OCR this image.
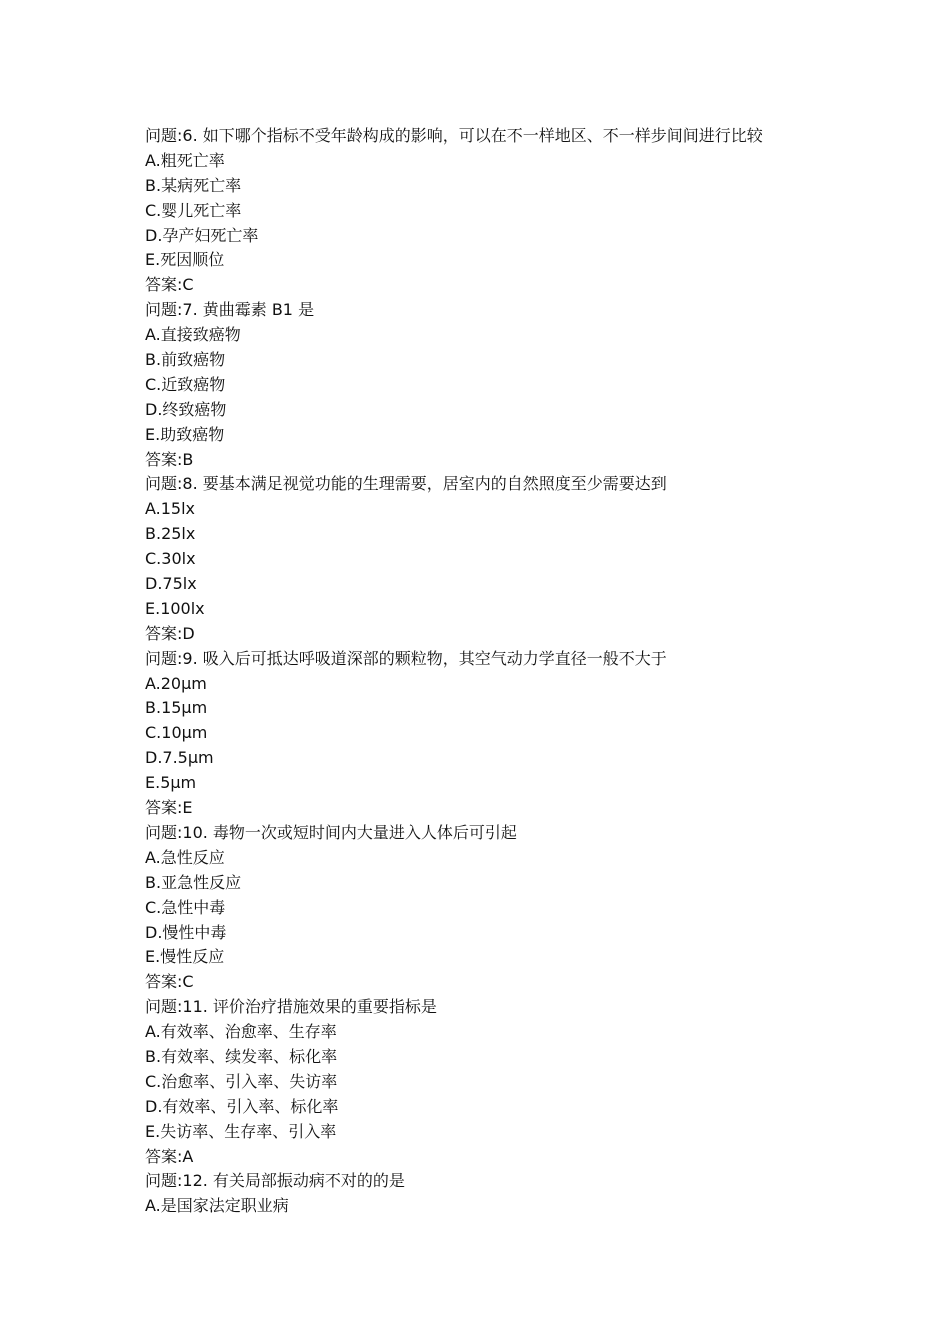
问题:6. 如下哪个指标不受年龄构成的影响，可以在不一样地区、不一样步间间进行比较
A.粗死亡率
B.某病死亡率
C.婴儿死亡率
D.孕产妇死亡率
E.死因顺位
答案:C
问题:7. 黄曲霉素 B1 是
A.直接致癌物
B.前致癌物
C.近致癌物
D.终致癌物
E.助致癌物
答案:B
问题:8. 要基本满足视觉功能的生理需要，居室内的自然照度至少需要达到
A.15lx
B.25lx
C.30lx
D.75lx
E.100lx
答案:D
问题:9. 吸入后可抵达呼吸道深部的颗粒物，其空气动力学直径一般不大于
A.20μm
B.15μm
C.10μm
D.7.5μm
E.5μm
答案:E
问题:10. 毒物一次或短时间内大量进入人体后可引起
A.急性反应
B.亚急性反应
C.急性中毒
D.慢性中毒
E.慢性反应
答案:C
问题:11. 评价治疗措施效果的重要指标是
A.有效率、治愈率、生存率
B.有效率、续发率、标化率
C.治愈率、引入率、失访率
D.有效率、引入率、标化率
E.失访率、生存率、引入率
答案:A
问题:12. 有关局部振动病不对的的是
A.是国家法定职业病
